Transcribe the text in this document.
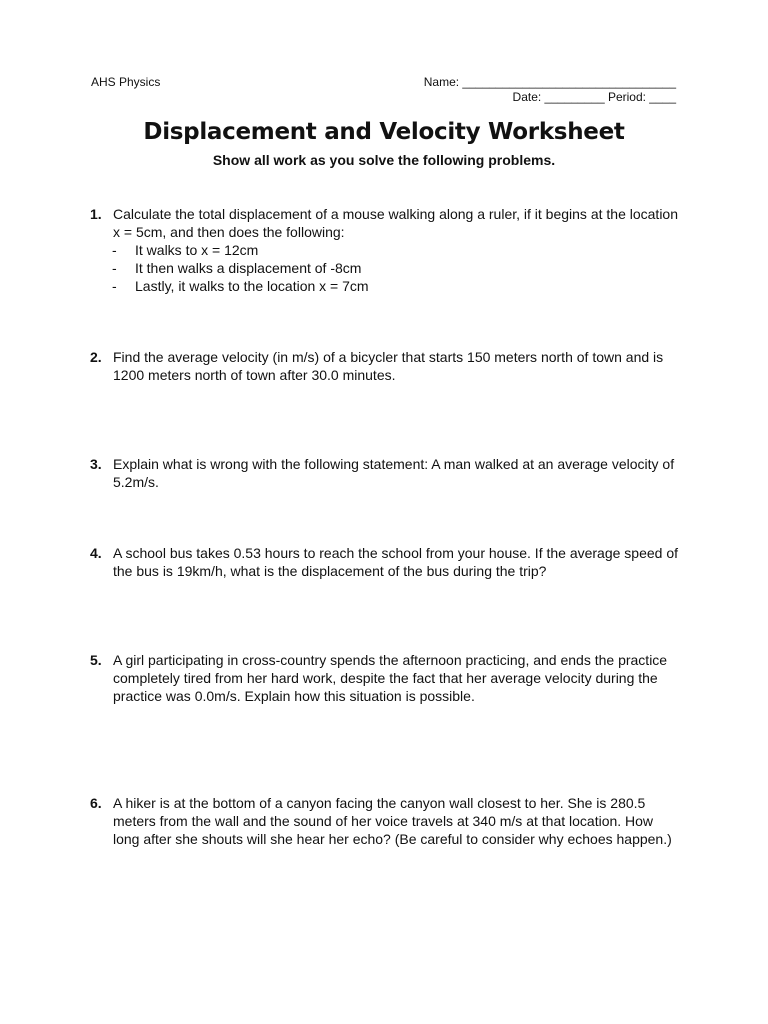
AHS Physics	Name: ________________________________
Date: _________ Period: ____
Displacement and Velocity Worksheet
Show all work as you solve the following problems.
1. Calculate the total displacement of a mouse walking along a ruler, if it begins at the location x = 5cm, and then does the following:
- It walks to x = 12cm
- It then walks a displacement of -8cm
- Lastly, it walks to the location x = 7cm
2. Find the average velocity (in m/s) of a bicycler that starts 150 meters north of town and is 1200 meters north of town after 30.0 minutes.
3. Explain what is wrong with the following statement: A man walked at an average velocity of 5.2m/s.
4. A school bus takes 0.53 hours to reach the school from your house. If the average speed of the bus is 19km/h, what is the displacement of the bus during the trip?
5. A girl participating in cross-country spends the afternoon practicing, and ends the practice completely tired from her hard work, despite the fact that her average velocity during the practice was 0.0m/s. Explain how this situation is possible.
6. A hiker is at the bottom of a canyon facing the canyon wall closest to her. She is 280.5 meters from the wall and the sound of her voice travels at 340 m/s at that location. How long after she shouts will she hear her echo? (Be careful to consider why echoes happen.)
